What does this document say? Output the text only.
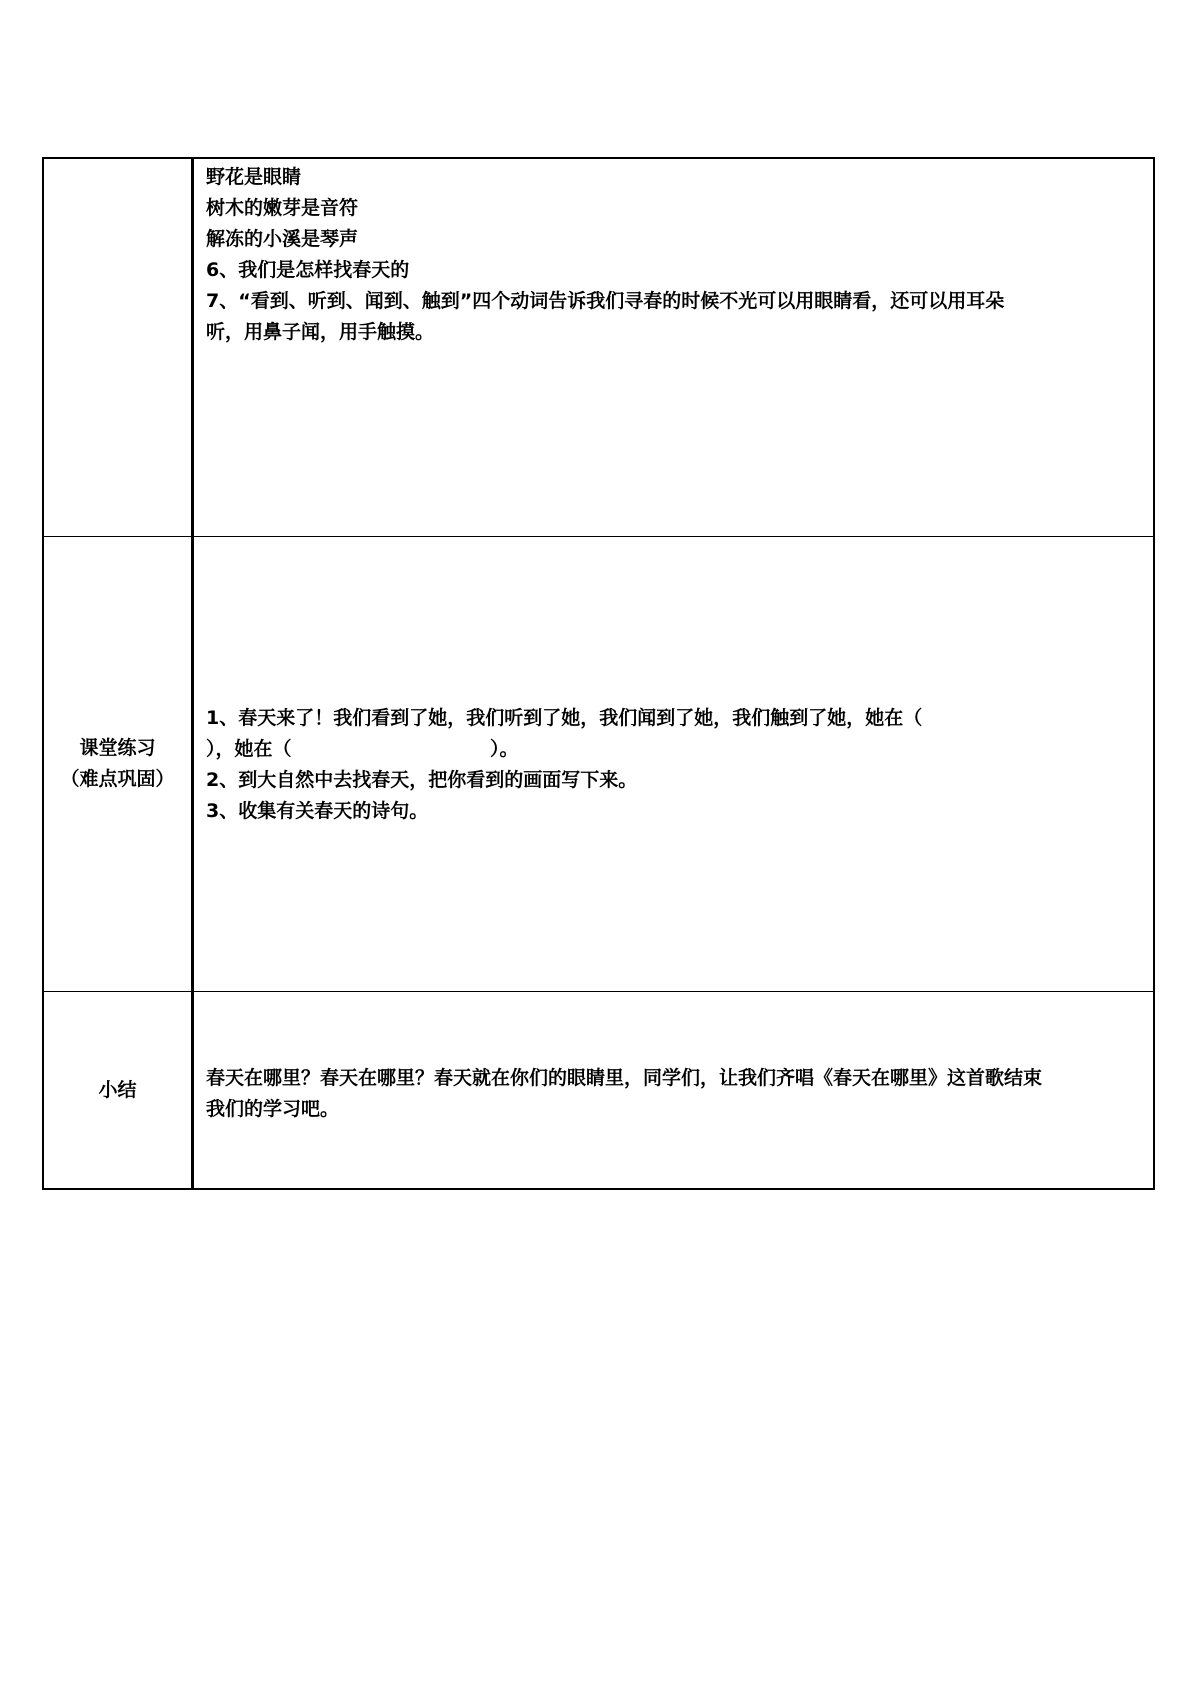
野花是眼睛

树木的嫩芽是音符

解冻的小溪是琴声

6、我们是怎样找春天的

7、“看到、听到、闻到、触到”四个动词告诉我们寻春的时候不光可以用眼睛看，还可以用耳朵

听，用鼻子闻，用手触摸。

课堂练习
（难点巩固）

1、春天来了！我们看到了她，我们听到了她，我们闻到了她，我们触到了她，她在（

），她在（                              ）。

2、到大自然中去找春天，把你看到的画面写下来。

3、收集有关春天的诗句。

小结

春天在哪里？春天在哪里？春天就在你们的眼睛里，同学们，让我们齐唱《春天在哪里》这首歌结束

我们的学习吧。
